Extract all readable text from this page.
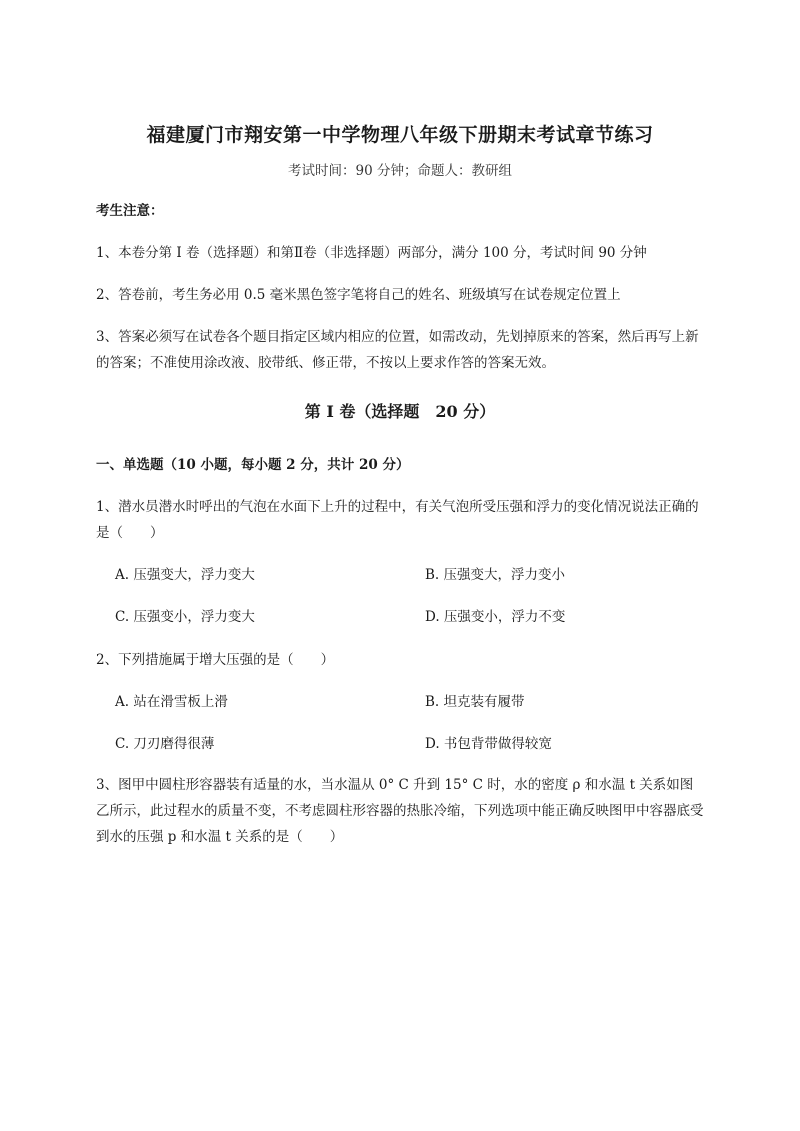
福建厦门市翔安第一中学物理八年级下册期末考试章节练习
考试时间：90 分钟；命题人：教研组
考生注意：
1、本卷分第 I 卷（选择题）和第Ⅱ卷（非选择题）两部分，满分 100 分，考试时间 90 分钟
2、答卷前，考生务必用 0.5 毫米黑色签字笔将自己的姓名、班级填写在试卷规定位置上
3、答案必须写在试卷各个题目指定区域内相应的位置，如需改动，先划掉原来的答案，然后再写上新的答案；不准使用涂改液、胶带纸、修正带，不按以上要求作答的答案无效。
第 I 卷（选择题　20 分）
一、单选题（10 小题，每小题 2 分，共计 20 分）
1、潜水员潜水时呼出的气泡在水面下上升的过程中，有关气泡所受压强和浮力的变化情况说法正确的是（　　）
A. 压强变大，浮力变大	B. 压强变大，浮力变小
C. 压强变小，浮力变大	D. 压强变小，浮力不变
2、下列措施属于增大压强的是（　　）
A. 站在滑雪板上滑	B. 坦克装有履带
C. 刀刃磨得很薄	D. 书包背带做得较宽
3、图甲中圆柱形容器装有适量的水，当水温从 0° C 升到 15° C 时，水的密度 ρ 和水温 t 关系如图乙所示，此过程水的质量不变，不考虑圆柱形容器的热胀冷缩，下列选项中能正确反映图甲中容器底受到水的压强 p 和水温 t 关系的是（　　）
